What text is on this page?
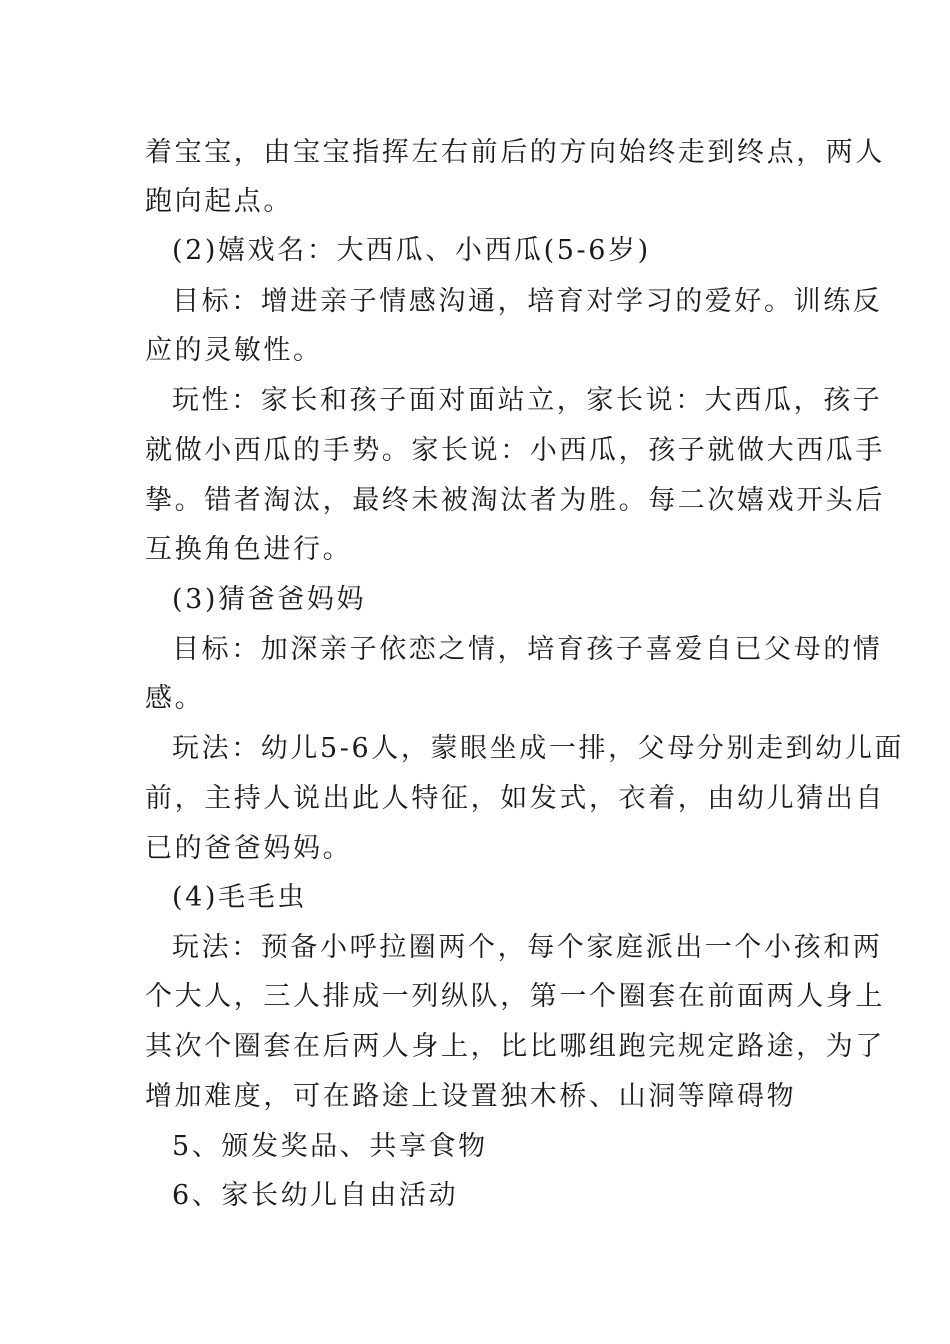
着宝宝，由宝宝指挥左右前后的方向始终走到终点，两人
跑向起点。
(2)嬉戏名：大西瓜、小西瓜(5-6岁)
目标：增进亲子情感沟通，培育对学习的爱好。训练反
应的灵敏性。
玩性：家长和孩子面对面站立，家长说：大西瓜，孩子
就做小西瓜的手势。家长说：小西瓜，孩子就做大西瓜手
挚。错者淘汰，最终未被淘汰者为胜。每二次嬉戏开头后
互换角色进行。
(3)猜爸爸妈妈
目标：加深亲子依恋之情，培育孩子喜爱自已父母的情
感。
玩法：幼儿5-6人，蒙眼坐成一排，父母分别走到幼儿面
前，主持人说出此人特征，如发式，衣着，由幼儿猜出自
已的爸爸妈妈。
(4)毛毛虫
玩法：预备小呼拉圈两个，每个家庭派出一个小孩和两
个大人，三人排成一列纵队，第一个圈套在前面两人身上
其次个圈套在后两人身上，比比哪组跑完规定路途，为了
增加难度，可在路途上设置独木桥、山洞等障碍物
5、颁发奖品、共享食物
6、家长幼儿自由活动
